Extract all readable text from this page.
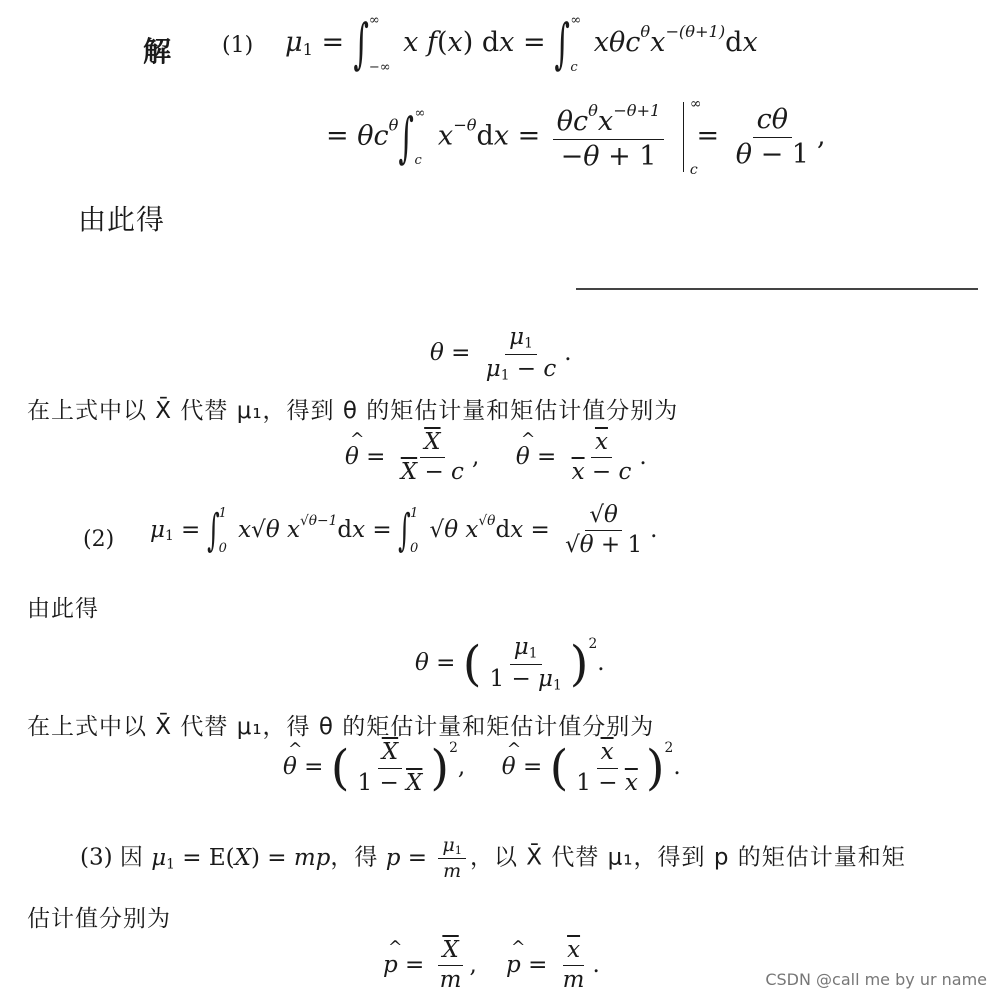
解 (1) $\mu_1$ = ∫ ∞
−∞
x f(x) dx = ∫ ∞
c
$x\theta c^\theta x^{-(\theta+1)}dx$
= $\theta c^\theta\int$ ∞
c
$x^{-\theta}dx = \frac{\theta c^\theta x^{-\theta+1}}{-\theta + 1}$
∞
c
= $\frac{c\theta}{\theta - 1}$ ,
由此得
$\theta = \frac{\mu_1}{\mu_1 - c}$ .
在上式中以 X̄ 代替 μ₁，得到 θ 的矩估计量和矩估计值分别为
^ $\theta = \frac{\overline{X}}{\overline{X} - c}$ , ^ $\theta = \frac{\overline{x}}{\overline{x} - c}$ .
(2) $\mu_1$ = ∫ 1
0
x√θ $x^{√\theta-1}dx$ = ∫ 1
0
√θ $x^{√\theta}dx = \frac{√\theta}{√\theta + 1}$ .
由此得
θ = ( $\frac{\mu_1}{1 - \mu_1} )^2$.
在上式中以 X̄ 代替 μ₁，得 θ 的矩估计量和矩估计值分别为
^ θ = ( $\frac{\overline{X}}{1 - \overline{X}} )^2$, ^ θ = ( $\frac{\overline{x}}{1 - \overline{x}} )^2$.
(3) 因 $\mu_1 = E(X)$ = mp，得 $p = \frac{\mu_1}{m}$ ，以 X̄ 代替 μ₁，得到 p 的矩估计量和矩
估计值分别为
^ $p = \frac{\overline{X}}{m}$ , ^ $p = \frac{\overline{x}}{m}$ .
CSDN @call me by ur name
